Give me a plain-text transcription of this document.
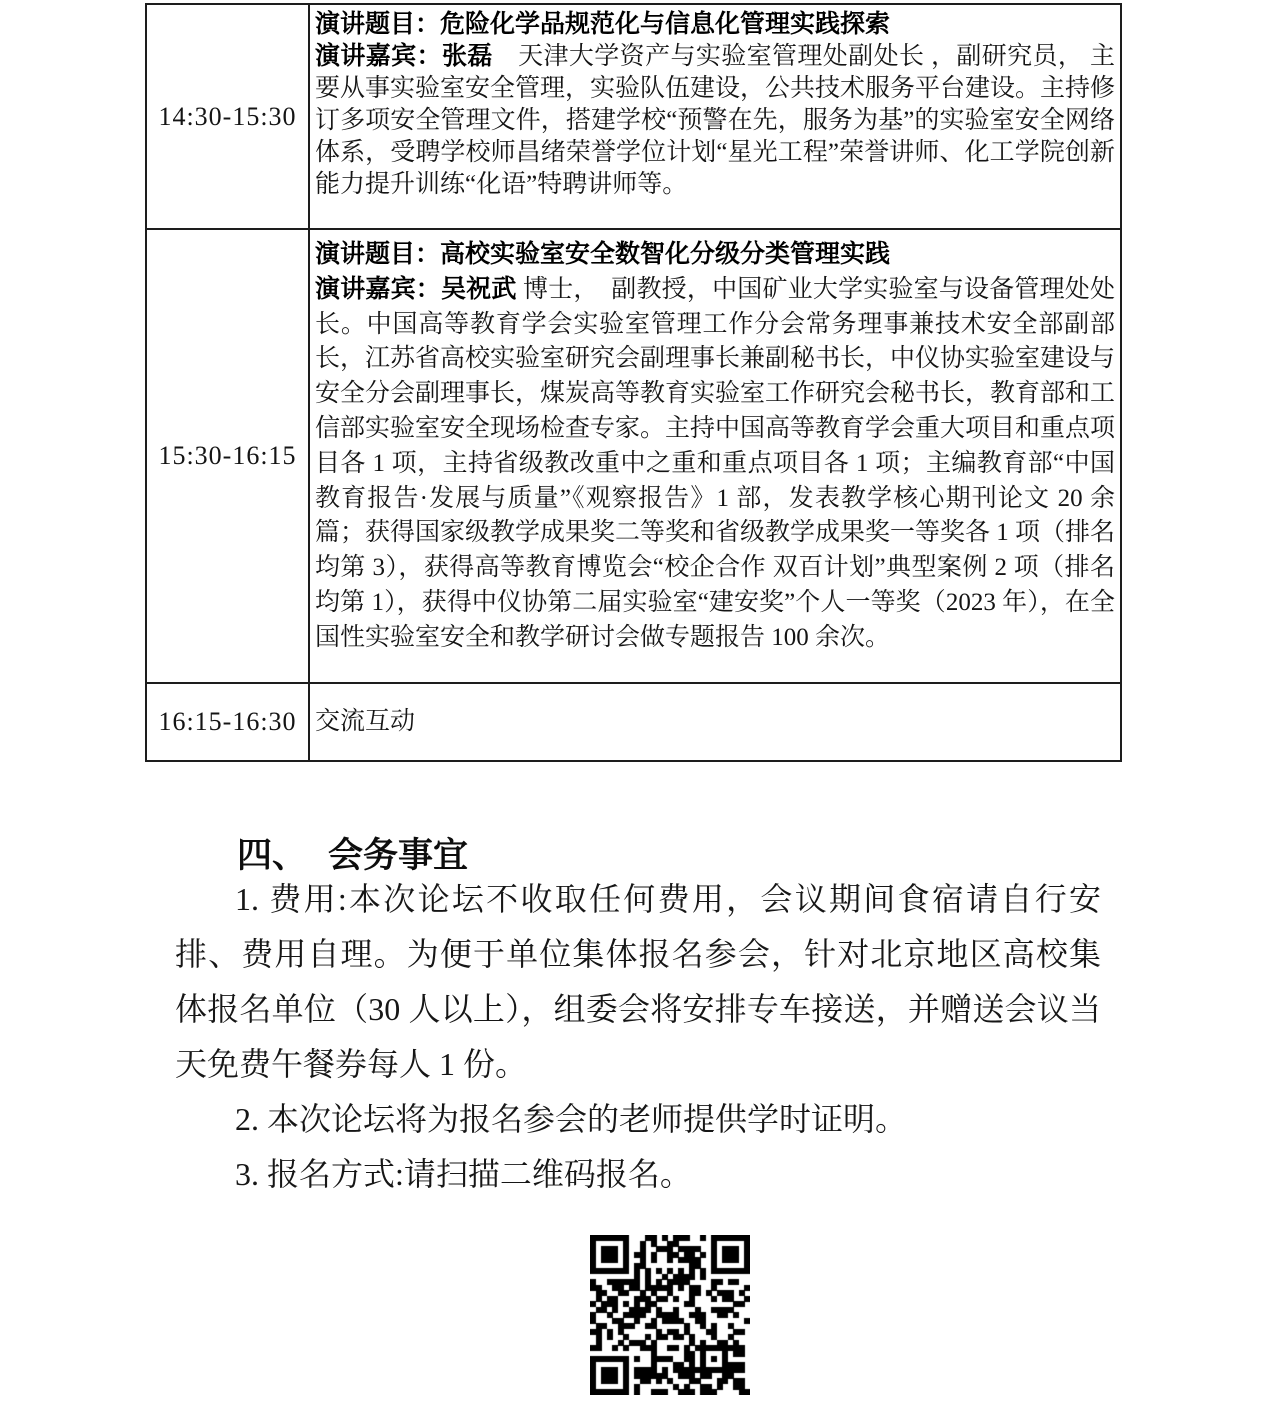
14:30-15:30

演讲题目：危险化学品规范化与信息化管理实践探索

演讲嘉宾：张磊　天津大学资产与实验室管理处副处长 ，副研究员， 主要从事实验室安全管理，实验队伍建设，公共技术服务平台建设。主持修订多项安全管理文件，搭建学校“预警在先，服务为基”的实验室安全网络体系，受聘学校师昌绪荣誉学位计划“星光工程”荣誉讲师、化工学院创新能力提升训练“化语”特聘讲师等。

15:30-16:15

演讲题目：高校实验室安全数智化分级分类管理实践

演讲嘉宾：吴祝武 博士，　副教授，中国矿业大学实验室与设备管理处处长。中国高等教育学会实验室管理工作分会常务理事兼技术安全部副部长，江苏省高校实验室研究会副理事长兼副秘书长，中仪协实验室建设与安全分会副理事长，煤炭高等教育实验室工作研究会秘书长，教育部和工信部实验室安全现场检查专家。主持中国高等教育学会重大项目和重点项目各 1 项，主持省级教改重中之重和重点项目各 1 项；主编教育部“中国教育报告·发展与质量”《观察报告》1 部，发表教学核心期刊论文 20 余篇；获得国家级教学成果奖二等奖和省级教学成果奖一等奖各 1 项（排名均第 3），获得高等教育博览会“校企合作 双百计划”典型案例 2 项（排名均第 1），获得中仪协第二届实验室“建安奖”个人一等奖（2023 年），在全国性实验室安全和教学研讨会做专题报告 100 余次。

16:15-16:30 交流互动
四、 会务事宜

1. 费用:本次论坛不收取任何费用，会议期间食宿请自行安排、费用自理。为便于单位集体报名参会，针对北京地区高校集体报名单位（30 人以上），组委会将安排专车接送，并赠送会议当天免费午餐券每人 1 份。

2. 本次论坛将为报名参会的老师提供学时证明。

3. 报名方式:请扫描二维码报名。
